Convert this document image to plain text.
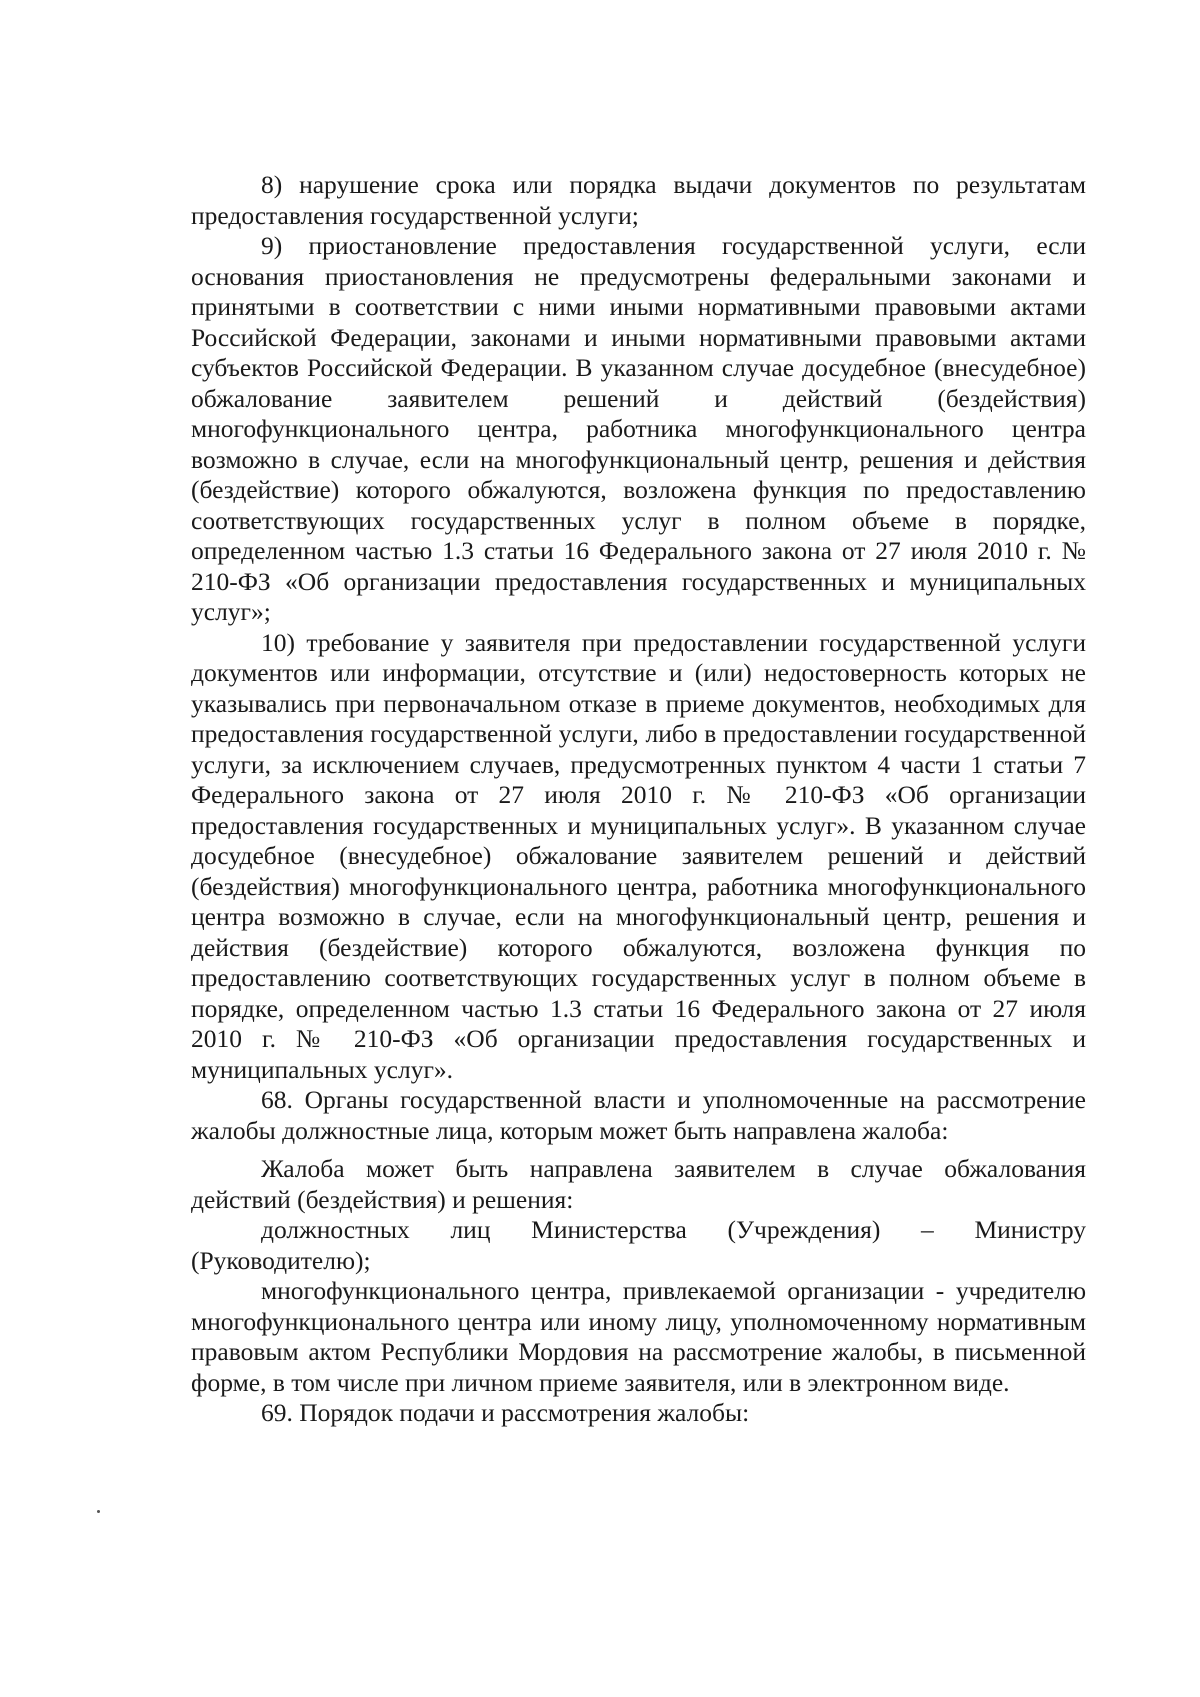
8) нарушение срока или порядка выдачи документов по результатам предоставления государственной услуги;

9) приостановление предоставления государственной услуги, если основания приостановления не предусмотрены федеральными законами и принятыми в соответствии с ними иными нормативными правовыми актами Российской Федерации, законами и иными нормативными правовыми актами субъектов Российской Федерации. В указанном случае досудебное (внесудебное) обжалование заявителем решений и действий (бездействия) многофункционального центра, работника многофункционального центра возможно в случае, если на многофункциональный центр, решения и действия (бездействие) которого обжалуются, возложена функция по предоставлению соответствующих государственных услуг в полном объеме в порядке, определенном частью 1.3 статьи 16 Федерального закона от 27 июля 2010 г. № 210-ФЗ «Об организации предоставления государственных и муниципальных услуг»;

10) требование у заявителя при предоставлении государственной услуги документов или информации, отсутствие и (или) недостоверность которых не указывались при первоначальном отказе в приеме документов, необходимых для предоставления государственной услуги, либо в предоставлении государственной услуги, за исключением случаев, предусмотренных пунктом 4 части 1 статьи 7 Федерального закона от 27 июля 2010 г. № 210-ФЗ «Об организации предоставления государственных и муниципальных услуг». В указанном случае досудебное (внесудебное) обжалование заявителем решений и действий (бездействия) многофункционального центра, работника многофункционального центра возможно в случае, если на многофункциональный центр, решения и действия (бездействие) которого обжалуются, возложена функция по предоставлению соответствующих государственных услуг в полном объеме в порядке, определенном частью 1.3 статьи 16 Федерального закона от 27 июля 2010 г. № 210-ФЗ «Об организации предоставления государственных и муниципальных услуг».

68. Органы государственной власти и уполномоченные на рассмотрение жалобы должностные лица, которым может быть направлена жалоба:

Жалоба может быть направлена заявителем в случае обжалования действий (бездействия) и решения:

должностных лиц Министерства (Учреждения) – Министру (Руководителю);

многофункционального центра, привлекаемой организации - учредителю многофункционального центра или иному лицу, уполномоченному нормативным правовым актом Республики Мордовия на рассмотрение жалобы, в письменной форме, в том числе при личном приеме заявителя, или в электронном виде.

69. Порядок подачи и рассмотрения жалобы:
